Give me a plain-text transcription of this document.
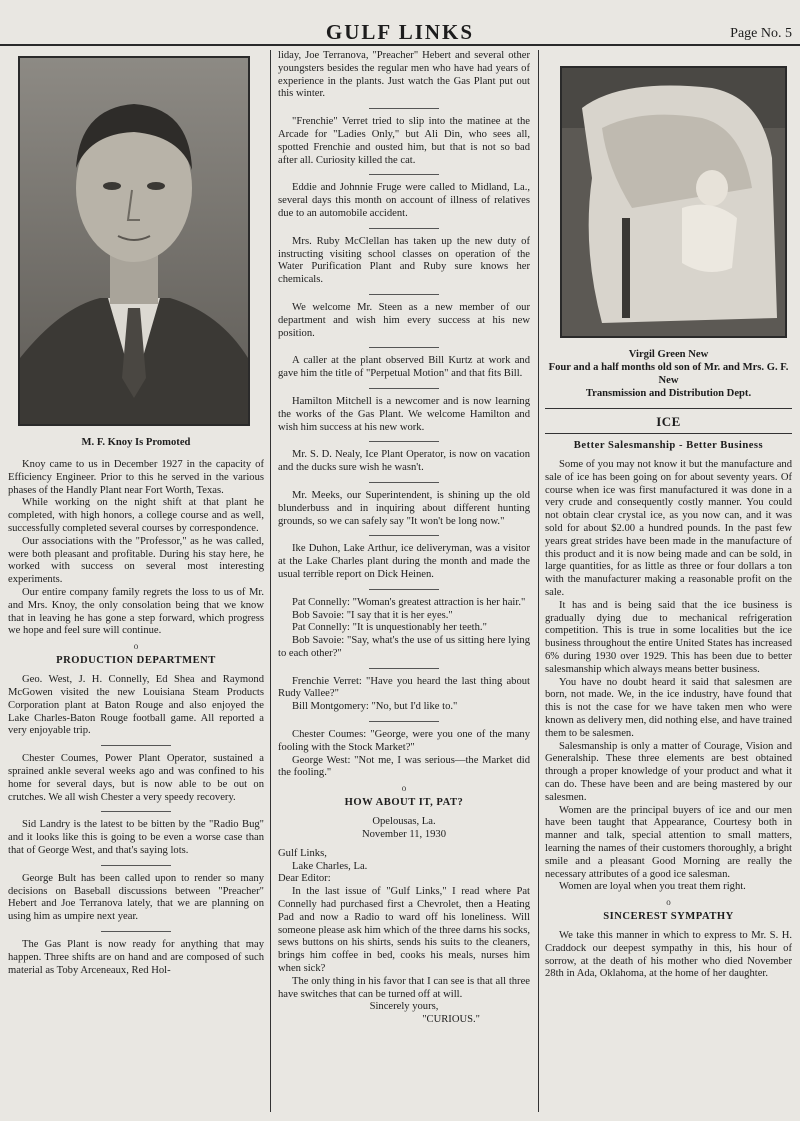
GULF LINKS	Page No. 5
M. F. Knoy Is Promoted

Knoy came to us in December 1927 in the capacity of Efficiency Engineer. Prior to this he served in the various phases of the Handly Plant near Fort Worth, Texas.

While working on the night shift at that plant he completed, with high honors, a college course and as well, successfully completed several courses by correspondence.

Our associations with the "Professor," as he was called, were both pleasant and profitable. During his stay here, he worked with success on several most interesting experiments.

Our entire company family regrets the loss to us of Mr. and Mrs. Knoy, the only consolation being that we know that in leaving he has gone a step forward, which progress we hope and feel sure will continue.

o
PRODUCTION DEPARTMENT

Geo. West, J. H. Connelly, Ed Shea and Raymond McGowen visited the new Louisiana Steam Products Corporation plant at Baton Rouge and also enjoyed the Lake Charles-Baton Rouge football game. All reported a very enjoyable trip.

Chester Coumes, Power Plant Operator, sustained a sprained ankle several weeks ago and was confined to his home for several days, but is now able to be out on crutches. We all wish Chester a very speedy recovery.

Sid Landry is the latest to be bitten by the "Radio Bug" and it looks like this is going to be even a worse case than that of George West, and that's saying lots.

George Bult has been called upon to render so many decisions on Baseball discussions between "Preacher" Hebert and Joe Terranova lately, that we are planning on using him as umpire next year.

The Gas Plant is now ready for anything that may happen. Three shifts are on hand and are composed of such material as Toby Arceneaux, Red Hol-

liday, Joe Terranova, "Preacher" Hebert and several other youngsters besides the regular men who have had years of experience in the plants. Just watch the Gas Plant put out this winter.

"Frenchie" Verret tried to slip into the matinee at the Arcade for "Ladies Only," but Ali Din, who sees all, spotted Frenchie and ousted him, but that is not so bad after all. Curiosity killed the cat.

Eddie and Johnnie Fruge were called to Midland, La., several days this month on account of illness of relatives due to an automobile accident.

Mrs. Ruby McClellan has taken up the new duty of instructing visiting school classes on operation of the Water Purification Plant and Ruby sure knows her chemicals.

We welcome Mr. Steen as a new member of our department and wish him every success at his new position.

A caller at the plant observed Bill Kurtz at work and gave him the title of "Perpetual Motion" and that fits Bill.

Hamilton Mitchell is a newcomer and is now learning the works of the Gas Plant. We welcome Hamilton and wish him success at his new work.

Mr. S. D. Nealy, Ice Plant Operator, is now on vacation and the ducks sure wish he wasn't.

Mr. Meeks, our Superintendent, is shining up the old blunderbuss and in inquiring about different hunting grounds, so we can safely say "It won't be long now."

Ike Duhon, Lake Arthur, ice deliveryman, was a visitor at the Lake Charles plant during the month and made the usual terrible report on Dick Heinen.

Pat Connelly: "Woman's greatest attraction is her hair."

Bob Savoie: "I say that it is her eyes."

Pat Connelly: "It is unquestionably her teeth."

Bob Savoie: "Say, what's the use of us sitting here lying to each other?"

Frenchie Verret: "Have you heard the last thing about Rudy Vallee?"

Bill Montgomery: "No, but I'd like to."

Chester Coumes: "George, were you one of the many fooling with the Stock Market?"

George West: "Not me, I was serious—the Market did the fooling."

o
HOW ABOUT IT, PAT?
Opelousas, La.
November 11, 1930
Gulf Links,
Lake Charles, La.
Dear Editor:

In the last issue of "Gulf Links," I read where Pat Connelly had purchased first a Chevrolet, then a Heating Pad and now a Radio to ward off his loneliness. Will someone please ask him which of the three darns his socks, sews buttons on his shirts, sends his suits to the cleaners, brings him coffee in bed, cooks his meals, nurses him when sick?

The only thing in his favor that I can see is that all three have switches that can be turned off at will.

Sincerely yours,
"CURIOUS."
Virgil Green New
Four and a half months old son of Mr. and Mrs. G. F. New
Transmission and Distribution Dept.
ICE
Better Salesmanship - Better Business

Some of you may not know it but the manufacture and sale of ice has been going on for about seventy years. Of course when ice was first manufactured it was done in a very crude and consequently costly manner. You could not obtain clear crystal ice, as you now can, and it was sold for about $2.00 a hundred pounds. In the past few years great strides have been made in the manufacture of this product and it is now being made and can be sold, in large quantities, for as little as three or four dollars a ton with the manufacturer making a reasonable profit on the sale.

It has and is being said that the ice business is gradually dying due to mechanical refrigeration competition. This is true in some localities but the ice business throughout the entire United States has increased 6% during 1930 over 1929. This has been due to better salesmanship which always means better business.

You have no doubt heard it said that salesmen are born, not made. We, in the ice industry, have found that this is not the case for we have taken men who were known as delivery men, did nothing else, and have trained them to be salesmen.

Salesmanship is only a matter of Courage, Vision and Generalship. These three elements are best obtained through a proper knowledge of your product and what it can do. These have been and are being mastered by our salesmen.

Women are the principal buyers of ice and our men have been taught that Appearance, Courtesy both in manner and talk, special attention to small matters, learning the names of their customers thoroughly, a bright smile and a pleasant Good Morning are really the necessary attributes of a good ice salesman.

Women are loyal when you treat them right.

o
SINCEREST SYMPATHY

We take this manner in which to express to Mr. S. H. Craddock our deepest sympathy in this, his hour of sorrow, at the death of his mother who died November 28th in Ada, Oklahoma, at the home of her daughter.
